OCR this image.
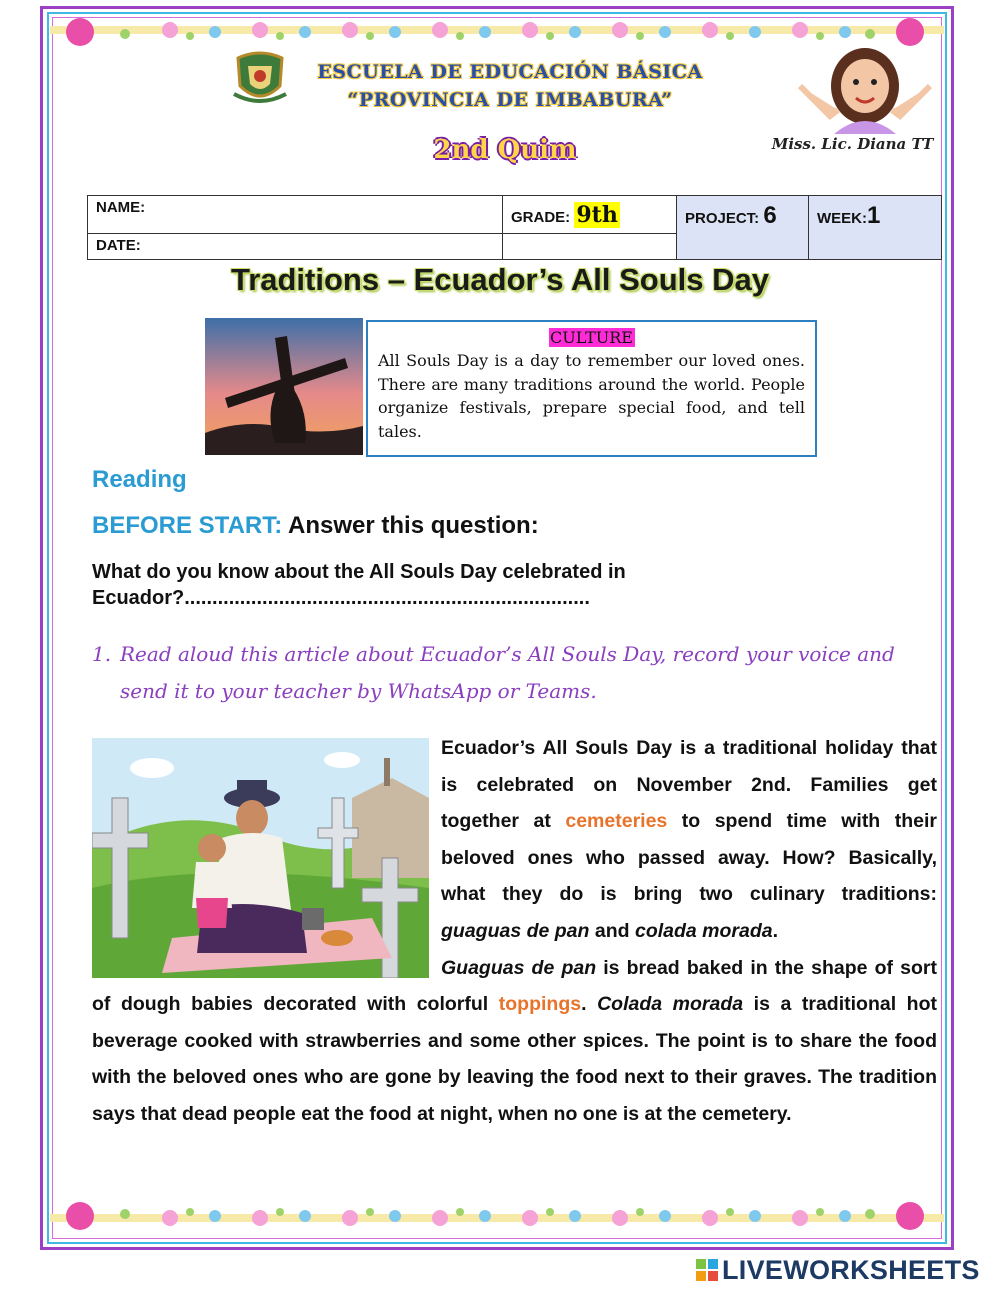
ESCUELA DE EDUCACIÓN BÁSICA
“PROVINCIA DE IMBABURA”
2nd Quim	Miss. Lic. Diana TT
NAME:	GRADE: 9th	PROJECT: 6	WEEK:1
DATE:			
Traditions – Ecuador’s All Souls Day
CULTURE
All Souls Day is a day to remember our loved ones. There are many traditions around the world. People organize festivals, prepare special food, and tell tales.
Reading
BEFORE START: Answer this question:
What do you know about the All Souls Day celebrated in Ecuador?.........................................................................
1. Read aloud this article about Ecuador’s All Souls Day, record your voice and send it to your teacher by WhatsApp or Teams.
Ecuador’s All Souls Day is a traditional holiday that is celebrated on November 2nd. Families get together at cemeteries to spend time with their beloved ones who passed away. How? Basically, what they do is bring two culinary traditions: guaguas de pan and colada morada.
Guaguas de pan is bread baked in the shape of sort of dough babies decorated with colorful toppings. Colada morada is a traditional hot beverage cooked with strawberries and some other spices. The point is to share the food with the beloved ones who are gone by leaving the food next to their graves. The tradition says that dead people eat the food at night, when no one is at the cemetery.
LIVEWORKSHEETS
